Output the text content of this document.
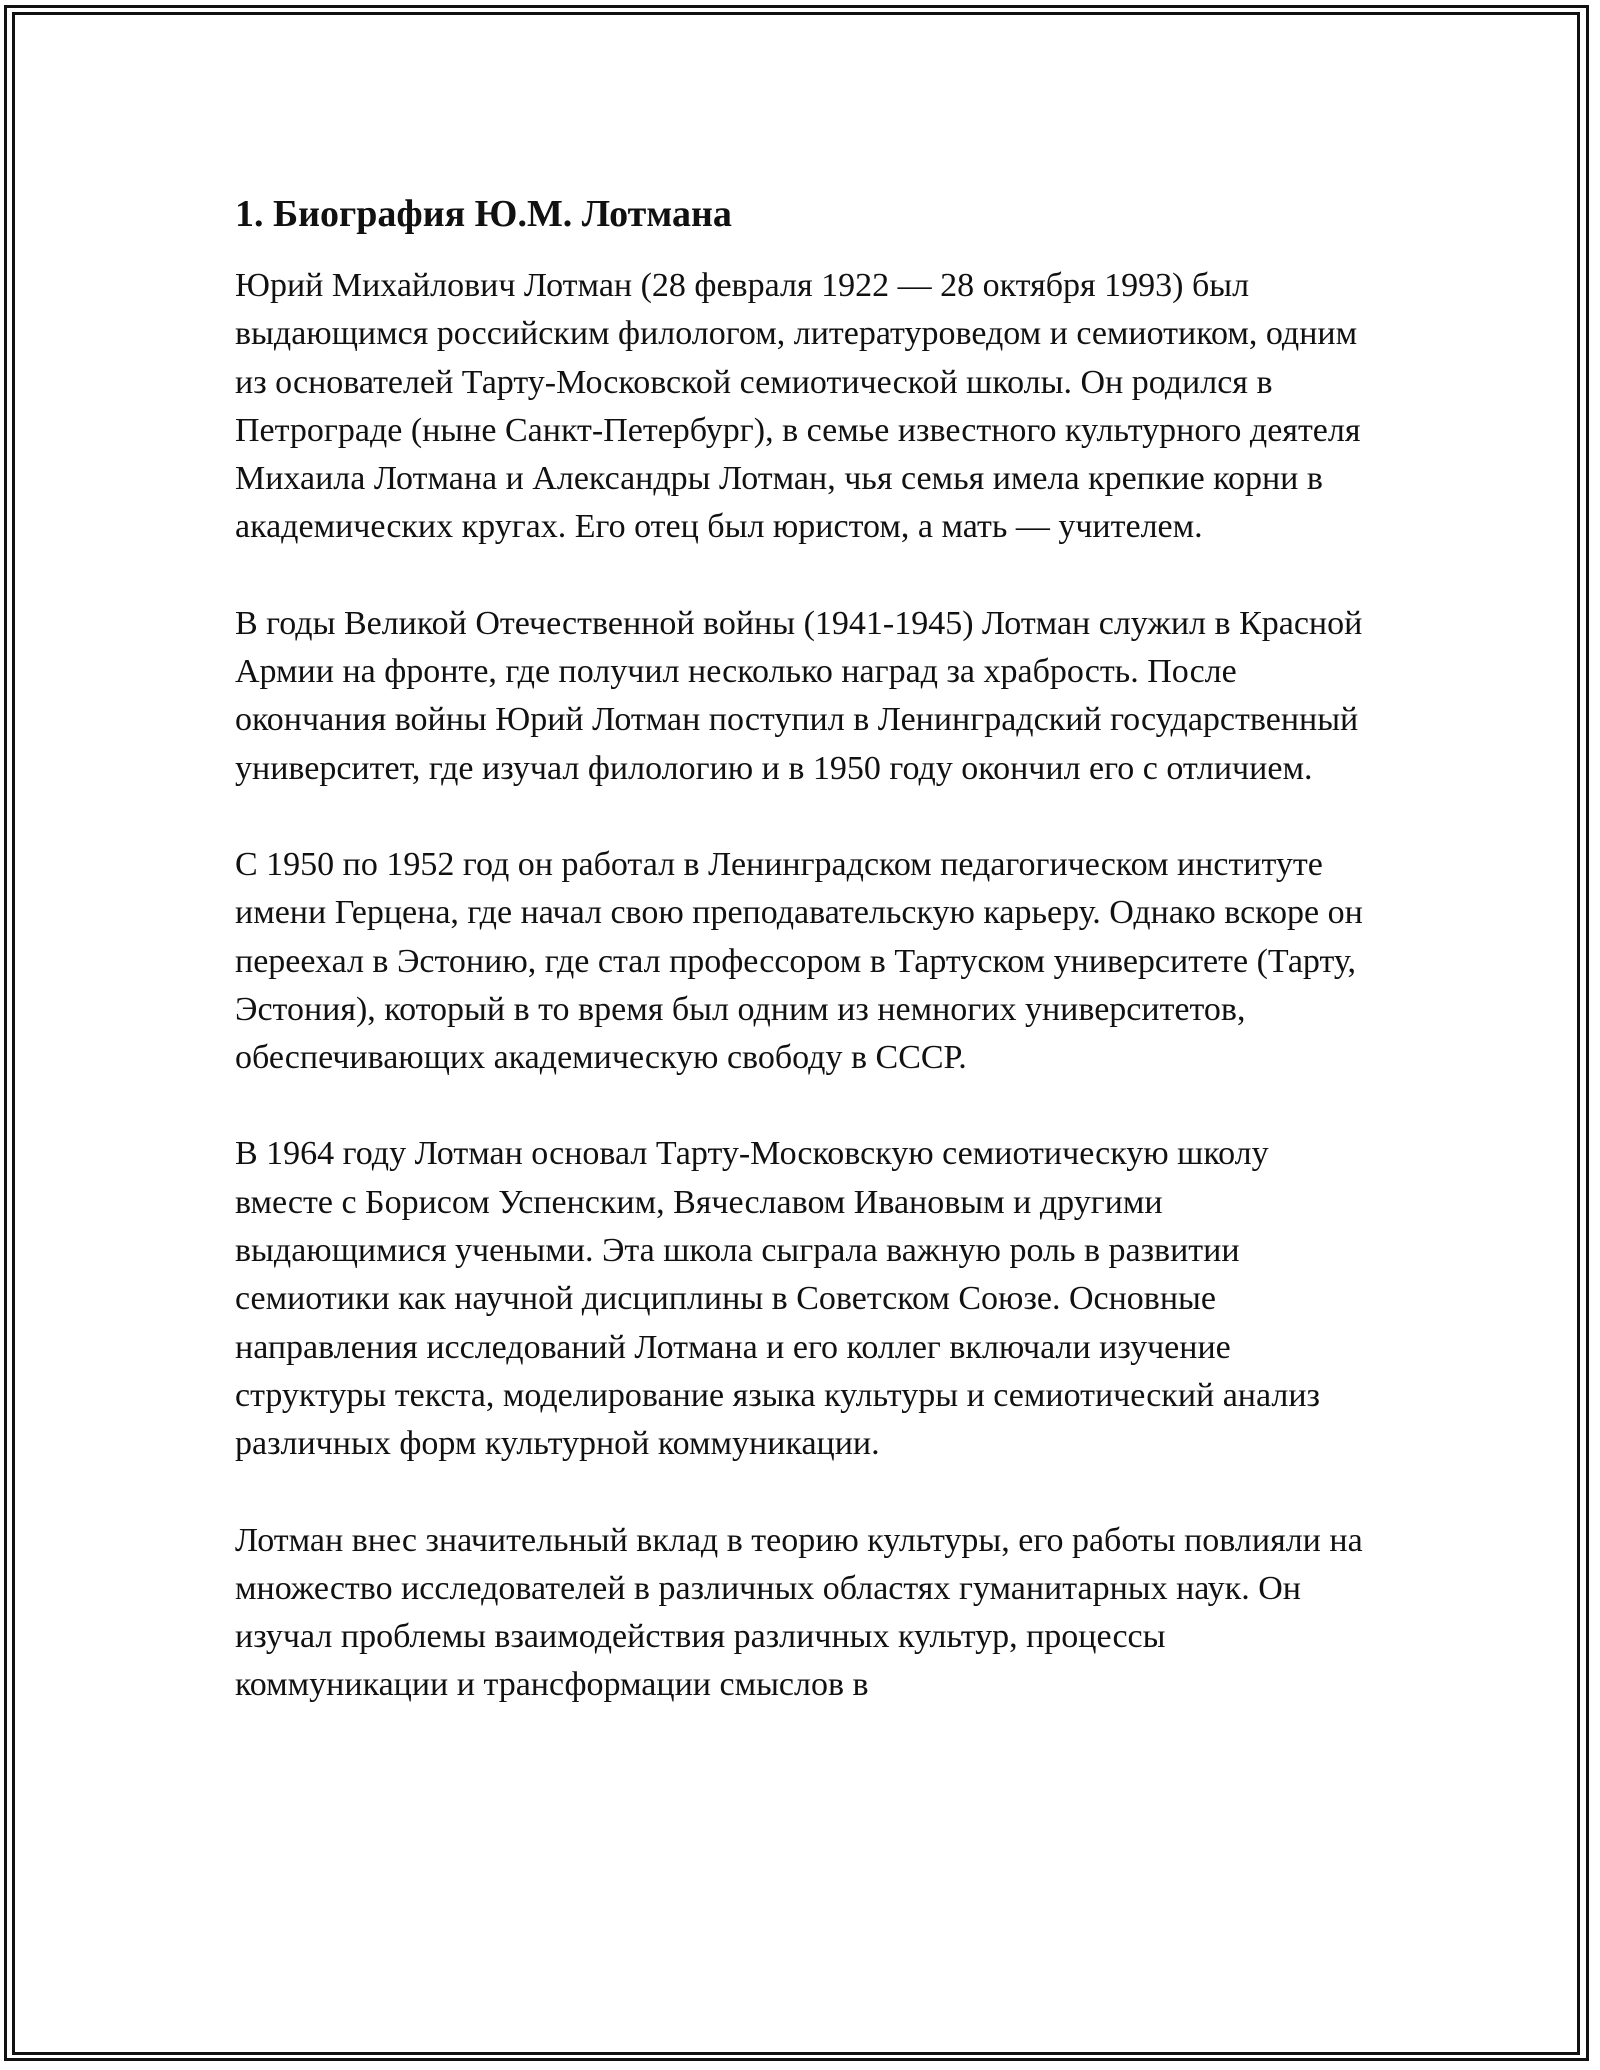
1. Биография Ю.М. Лотмана

Юрий Михайлович Лотман (28 февраля 1922 — 28 октября 1993) был выдающимся российским филологом, литературоведом и семиотиком, одним из основателей Тарту-Московской семиотической школы. Он родился в Петрограде (ныне Санкт-Петербург), в семье известного культурного деятеля Михаила Лотмана и Александры Лотман, чья семья имела крепкие корни в академических кругах. Его отец был юристом, а мать — учителем.

В годы Великой Отечественной войны (1941-1945) Лотман служил в Красной Армии на фронте, где получил несколько наград за храбрость. После окончания войны Юрий Лотман поступил в Ленинградский государственный университет, где изучал филологию и в 1950 году окончил его с отличием.

С 1950 по 1952 год он работал в Ленинградском педагогическом институте имени Герцена, где начал свою преподавательскую карьеру. Однако вскоре он переехал в Эстонию, где стал профессором в Тартуском университете (Тарту, Эстония), который в то время был одним из немногих университетов, обеспечивающих академическую свободу в СССР.

В 1964 году Лотман основал Тарту-Московскую семиотическую школу вместе с Борисом Успенским, Вячеславом Ивановым и другими выдающимися учеными. Эта школа сыграла важную роль в развитии семиотики как научной дисциплины в Советском Союзе. Основные направления исследований Лотмана и его коллег включали изучение структуры текста, моделирование языка культуры и семиотический анализ различных форм культурной коммуникации.

Лотман внес значительный вклад в теорию культуры, его работы повлияли на множество исследователей в различных областях гуманитарных наук. Он изучал проблемы взаимодействия различных культур, процессы коммуникации и трансформации смыслов в
